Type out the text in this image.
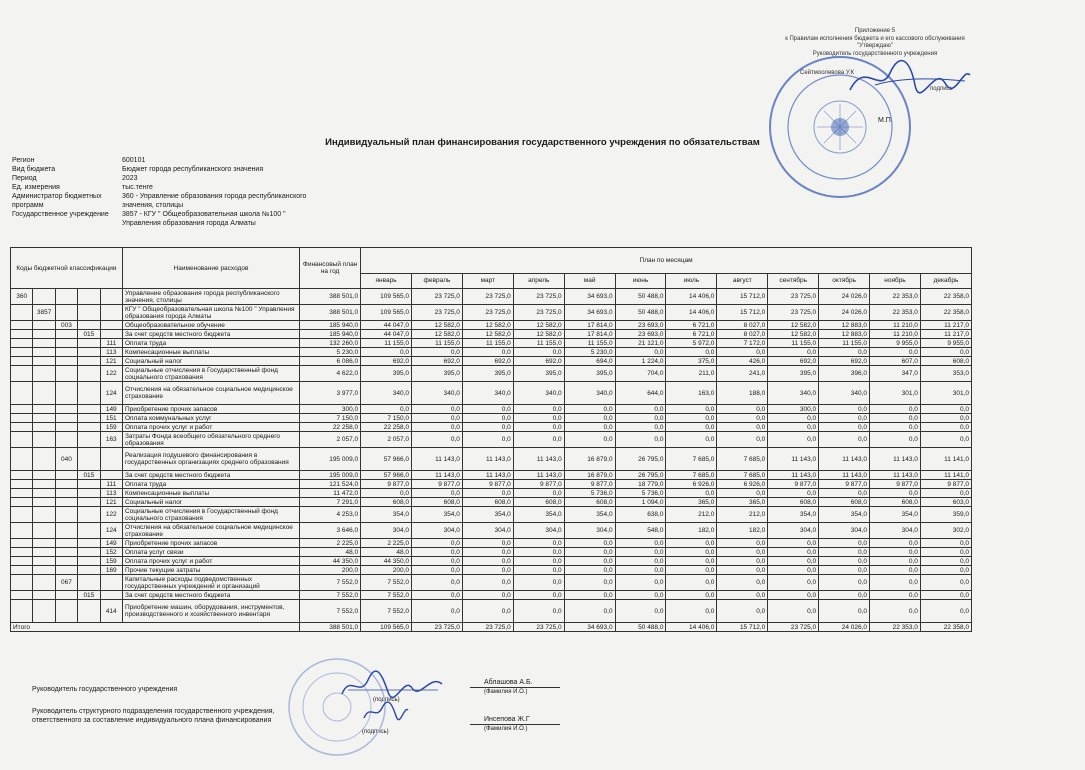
Приложение 5
к Правилам исполнения бюджета и его кассового обслуживания
"Утверждаю"
Руководитель государственного учреждения
Сейтмоолевова У.К
подпись
М.П.
Индивидуальный план финансирования государственного учреждения по обязательствам
Регион	600101
Вид бюджета	Бюджет города республиканского значения
Период	2023
Ед. измерения	тыс.тенге
Администратор бюджетных программ
360 - Управление образования города республиканского значения, столицы
Государственное учреждение	3857 - КГУ " Общеобразовательная школа №100 " Управления образования города Алматы
Коды бюджетной классификации					Наименование расходов	Финансовый план на год	План по месяцам											
							январь	февраль	март	апрель	май	июнь	июль	август	сентябрь	октябрь	ноябрь	декабрь
360					Управление образования города республиканского значения, столицы	388 501,0	109 565,0	23 725,0	23 725,0	23 725,0	34 693,0	50 488,0	14 406,0	15 712,0	23 725,0	24 026,0	22 353,0	22 358,0
	3857				КГУ " Общеобразовательная школа №100 " Управления образования города Алматы	388 501,0	109 565,0	23 725,0	23 725,0	23 725,0	34 693,0	50 488,0	14 406,0	15 712,0	23 725,0	24 026,0	22 353,0	22 358,0
		003			Общеобразовательное обучение	185 940,0	44 047,0	12 582,0	12 582,0	12 582,0	17 814,0	23 693,0	6 721,0	8 027,0	12 582,0	12 883,0	11 210,0	11 217,0
			015		За счет средств местного бюджета	185 940,0	44 047,0	12 582,0	12 582,0	12 582,0	17 814,0	23 693,0	6 721,0	8 027,0	12 582,0	12 883,0	11 210,0	11 217,0
				111	Оплата труда	132 260,0	11 155,0	11 155,0	11 155,0	11 155,0	11 155,0	21 121,0	5 972,0	7 172,0	11 155,0	11 155,0	9 955,0	9 955,0
				113	Компенсационные выплаты	5 230,0	0,0	0,0	0,0	0,0	5 230,0	0,0	0,0	0,0	0,0	0,0	0,0	0,0
				121	Социальный налог	6 086,0	692,0	692,0	692,0	692,0	694,0	1 224,0	375,0	426,0	692,0	692,0	607,0	608,0
				122	Социальные отчисления в Государственный фонд социального страхования	4 622,0	395,0	395,0	395,0	395,0	395,0	704,0	211,0	241,0	395,0	396,0	347,0	353,0
				124	Отчисления на обязательное социальное медицинское страхование	3 977,0	340,0	340,0	340,0	340,0	340,0	644,0	163,0	188,0	340,0	340,0	301,0	301,0
				149	Приобретение прочих запасов	300,0	0,0	0,0	0,0	0,0	0,0	0,0	0,0	0,0	300,0	0,0	0,0	0,0
				151	Оплата коммунальных услуг	7 150,0	7 150,0	0,0	0,0	0,0	0,0	0,0	0,0	0,0	0,0	0,0	0,0	0,0
				159	Оплата прочих услуг и работ	22 258,0	22 258,0	0,0	0,0	0,0	0,0	0,0	0,0	0,0	0,0	0,0	0,0	0,0
				163	Затраты Фонда всеобщего обязательного среднего образования	2 057,0	2 057,0	0,0	0,0	0,0	0,0	0,0	0,0	0,0	0,0	0,0	0,0	0,0
		040			Реализация подушевого финансирования в государственных организациях среднего образования	195 009,0	57 966,0	11 143,0	11 143,0	11 143,0	16 879,0	26 795,0	7 685,0	7 685,0	11 143,0	11 143,0	11 143,0	11 141,0
			015		За счет средств местного бюджета	195 009,0	57 966,0	11 143,0	11 143,0	11 143,0	16 879,0	26 795,0	7 685,0	7 685,0	11 143,0	11 143,0	11 143,0	11 141,0
				111	Оплата труда	121 524,0	9 877,0	9 877,0	9 877,0	9 877,0	9 877,0	18 779,0	6 926,0	6 926,0	9 877,0	9 877,0	9 877,0	9 877,0
				113	Компенсационные выплаты	11 472,0	0,0	0,0	0,0	0,0	5 736,0	5 736,0	0,0	0,0	0,0	0,0	0,0	0,0
				121	Социальный налог	7 291,0	608,0	608,0	608,0	608,0	608,0	1 094,0	365,0	365,0	608,0	608,0	608,0	603,0
				122	Социальные отчисления в Государственный фонд социального страхования	4 253,0	354,0	354,0	354,0	354,0	354,0	638,0	212,0	212,0	354,0	354,0	354,0	359,0
				124	Отчисления на обязательное социальное медицинское страхование	3 646,0	304,0	304,0	304,0	304,0	304,0	548,0	182,0	182,0	304,0	304,0	304,0	302,0
				149	Приобретение прочих запасов	2 225,0	2 225,0	0,0	0,0	0,0	0,0	0,0	0,0	0,0	0,0	0,0	0,0	0,0
				152	Оплата услуг связи	48,0	48,0	0,0	0,0	0,0	0,0	0,0	0,0	0,0	0,0	0,0	0,0	0,0
				159	Оплата прочих услуг и работ	44 350,0	44 350,0	0,0	0,0	0,0	0,0	0,0	0,0	0,0	0,0	0,0	0,0	0,0
				169	Прочие текущие затраты	200,0	200,0	0,0	0,0	0,0	0,0	0,0	0,0	0,0	0,0	0,0	0,0	0,0
		067			Капитальные расходы подведомственных государственных учреждений и организаций	7 552,0	7 552,0	0,0	0,0	0,0	0,0	0,0	0,0	0,0	0,0	0,0	0,0	0,0
			015		За счет средств местного бюджета	7 552,0	7 552,0	0,0	0,0	0,0	0,0	0,0	0,0	0,0	0,0	0,0	0,0	0,0
				414	Приобретение машин, оборудования, инструментов, производственного и хозяйственного инвентаря	7 552,0	7 552,0	0,0	0,0	0,0	0,0	0,0	0,0	0,0	0,0	0,0	0,0	0,0
Итого						388 501,0	109 565,0	23 725,0	23 725,0	23 725,0	34 693,0	50 488,0	14 406,0	15 712,0	23 725,0	24 026,0	22 353,0	22 358,0
Руководитель государственного учреждения
(подпись)
Аблашова А.Б.
(Фамилия И.О.)
Руководитель структурного подразделения государственного учреждения,
ответственного за составление индивидуального плана финансирования
(подпись)
Инсепова Ж.Г
(Фамилия И.О.)
